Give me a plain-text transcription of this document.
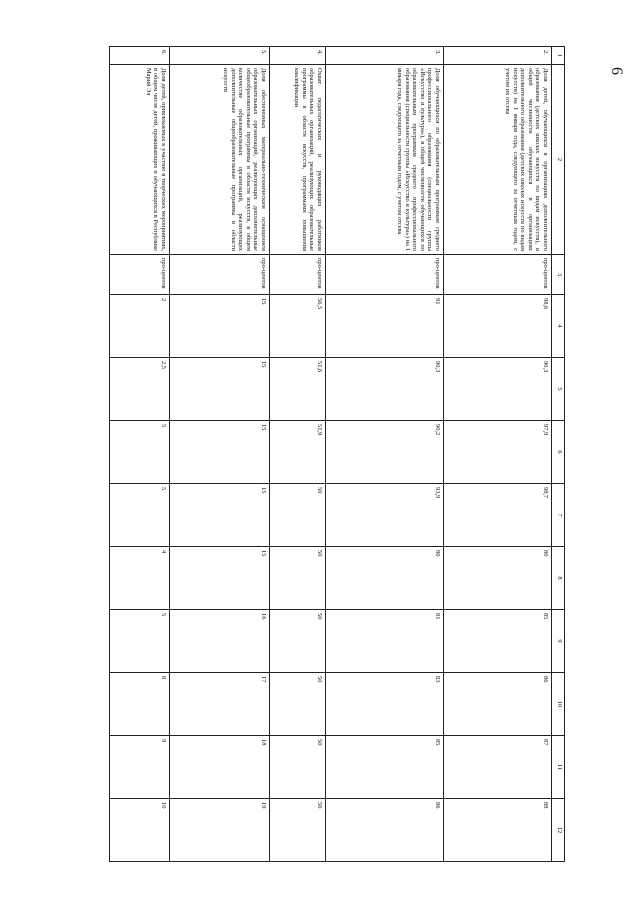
6
1	2	3	4	5	6	7	8	9	10	11	12
2.	Доля детей, обучающихся в организациях дополнительного образования (детских школах искусств по видам искусств), в общей численности обучающихся в организациях дополнительного образования (детских школах искусств по видам искусств) на 1 января года, следующего за отчетным годом, с учетом их отсева	про-центов	98,6	90,3	97,9	98,7	80	85	86	87	88
3.	Доля обучающихся по образовательным программам среднего профессионального образования (специальности группы «Искусство и культура»), в общей численности обучающихся по образовательным программам среднего профессионального образования (специальности группы «Искусство и культура») на 1 января года, следующего за отчетным годом, с учетом отсева	про-центов	91	90,3	90,2	93,9	80	81	83	85	86
4.	Охват педагогических и руководящих работников образовательных организаций, реализующих образовательные программы в области искусств, программами повышения квалификации	про-центов	56,5	51,6	51,9	50	50	50	50	50	50
5.	Доля обеспеченных материально-техническим оснащением образовательных организаций, реализующих дополнительные общеобразовательные программы в области искусств, в общем количестве образовательных организаций, реализующих дополнительные общеобразовательные программы в области искусств	про-центов	15	15	15	15	15	16	17	18	19
6.	Доля детей, привлекаемых к участию в творческих мероприятиях, в общем числе детей, проживающих и обучающихся в Республике Марий Эл	про-центов	2	2,5	5	5	4	5	8	9	10
